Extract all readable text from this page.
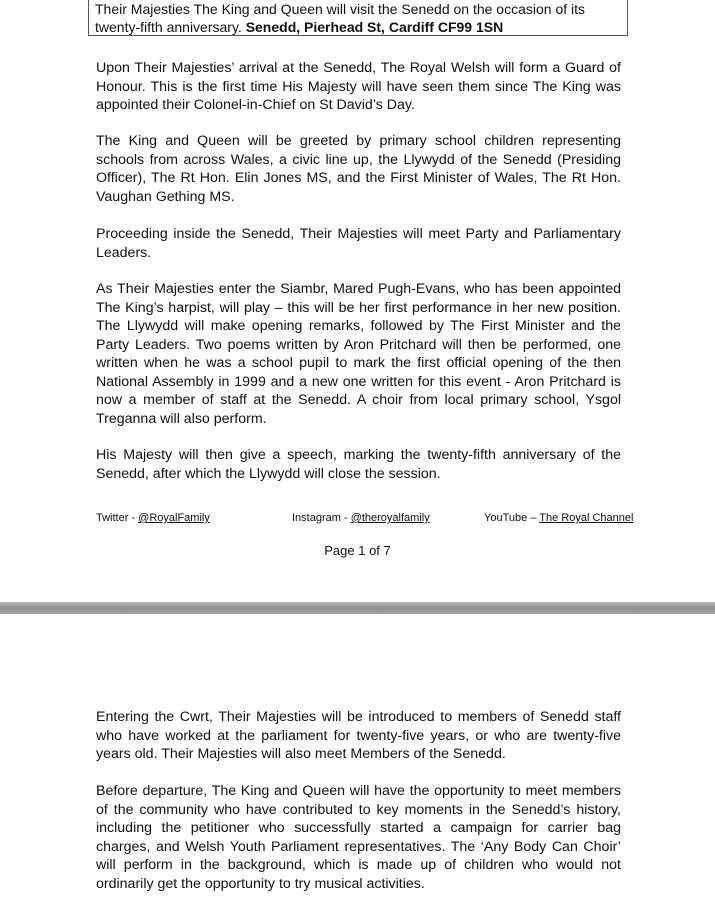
Their Majesties The King and Queen will visit the Senedd on the occasion of its twenty-fifth anniversary. Senedd, Pierhead St, Cardiff CF99 1SN

Upon Their Majesties’ arrival at the Senedd, The Royal Welsh will form a Guard of Honour. This is the first time His Majesty will have seen them since The King was appointed their Colonel-in-Chief on St David’s Day.

The King and Queen will be greeted by primary school children representing schools from across Wales, a civic line up, the Llywydd of the Senedd (Presiding Officer), The Rt Hon. Elin Jones MS, and the First Minister of Wales, The Rt Hon. Vaughan Gething MS.

Proceeding inside the Senedd, Their Majesties will meet Party and Parliamentary Leaders.

As Their Majesties enter the Siambr, Mared Pugh-Evans, who has been appointed The King’s harpist, will play – this will be her first performance in her new position. The Llywydd will make opening remarks, followed by The First Minister and the Party Leaders. Two poems written by Aron Pritchard will then be performed, one written when he was a school pupil to mark the first official opening of the then National Assembly in 1999 and a new one written for this event - Aron Pritchard is now a member of staff at the Senedd. A choir from local primary school, Ysgol Treganna will also perform.

His Majesty will then give a speech, marking the twenty-fifth anniversary of the Senedd, after which the Llywydd will close the session.

Twitter - @RoyalFamily	Instagram - @theroyalfamily	YouTube – The Royal Channel
Page 1 of 7

Entering the Cwrt, Their Majesties will be introduced to members of Senedd staff who have worked at the parliament for twenty-five years, or who are twenty-five years old. Their Majesties will also meet Members of the Senedd.

Before departure, The King and Queen will have the opportunity to meet members of the community who have contributed to key moments in the Senedd’s history, including the petitioner who successfully started a campaign for carrier bag charges, and Welsh Youth Parliament representatives. The ‘Any Body Can Choir’ will perform in the background, which is made up of children who would not ordinarily get the opportunity to try musical activities.
